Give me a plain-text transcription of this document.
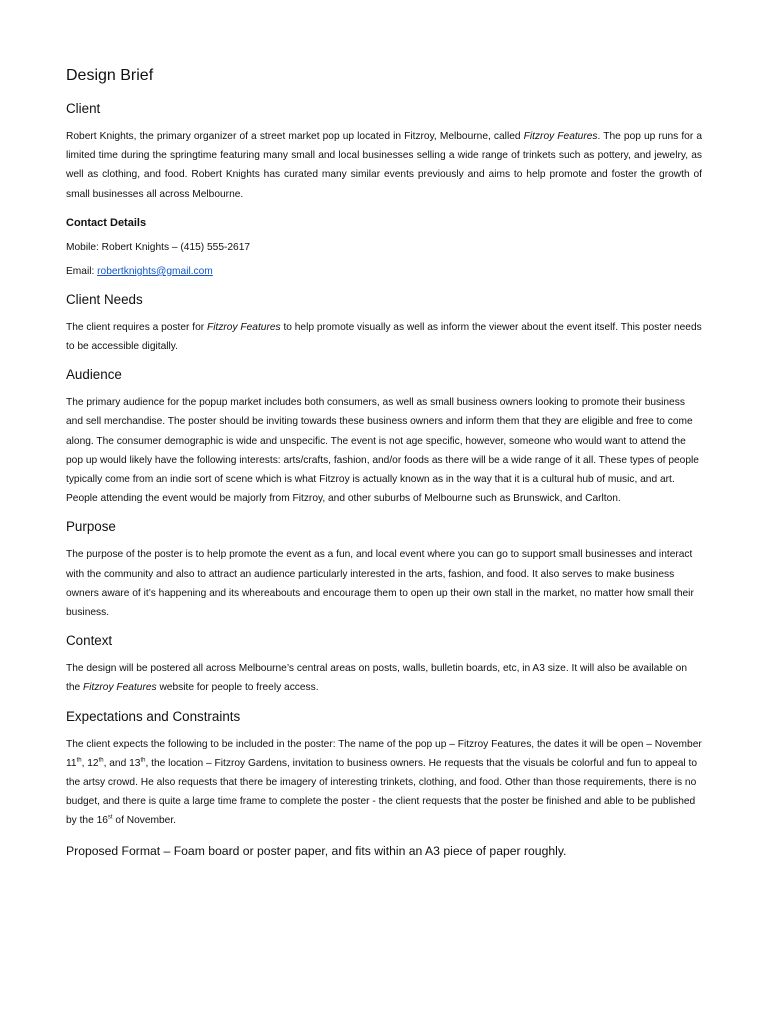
Design Brief
Client

Robert Knights, the primary organizer of a street market pop up located in Fitzroy, Melbourne, called Fitzroy Features. The pop up runs for a limited time during the springtime featuring many small and local businesses selling a wide range of trinkets such as pottery, and jewelry, as well as clothing, and food. Robert Knights has curated many similar events previously and aims to help promote and foster the growth of small businesses all across Melbourne.

Contact Details
Mobile: Robert Knights – (415) 555-2617
Email: robertknights@gmail.com
Client Needs

The client requires a poster for Fitzroy Features to help promote visually as well as inform the viewer about the event itself. This poster needs to be accessible digitally.

Audience

The primary audience for the popup market includes both consumers, as well as small business owners looking to promote their business and sell merchandise. The poster should be inviting towards these business owners and inform them that they are eligible and free to come along. The consumer demographic is wide and unspecific. The event is not age specific, however, someone who would want to attend the pop up would likely have the following interests: arts/crafts, fashion, and/or foods as there will be a wide range of it all. These types of people typically come from an indie sort of scene which is what Fitzroy is actually known as in the way that it is a cultural hub of music, and art. People attending the event would be majorly from Fitzroy, and other suburbs of Melbourne such as Brunswick, and Carlton.

Purpose

The purpose of the poster is to help promote the event as a fun, and local event where you can go to support small businesses and interact with the community and also to attract an audience particularly interested in the arts, fashion, and food. It also serves to make business owners aware of it’s happening and its whereabouts and encourage them to open up their own stall in the market, no matter how small their business.

Context

The design will be postered all across Melbourne’s central areas on posts, walls, bulletin boards, etc, in A3 size. It will also be available on the Fitzroy Features website for people to freely access.

Expectations and Constraints

The client expects the following to be included in the poster: The name of the pop up – Fitzroy Features, the dates it will be open – November 11th, 12th, and 13th, the location – Fitzroy Gardens, invitation to business owners. He requests that the visuals be colorful and fun to appeal to the artsy crowd. He also requests that there be imagery of interesting trinkets, clothing, and food. Other than those requirements, there is no budget, and there is quite a large time frame to complete the poster - the client requests that the poster be finished and able to be published by the 16st of November.

Proposed Format – Foam board or poster paper, and fits within an A3 piece of paper roughly.
